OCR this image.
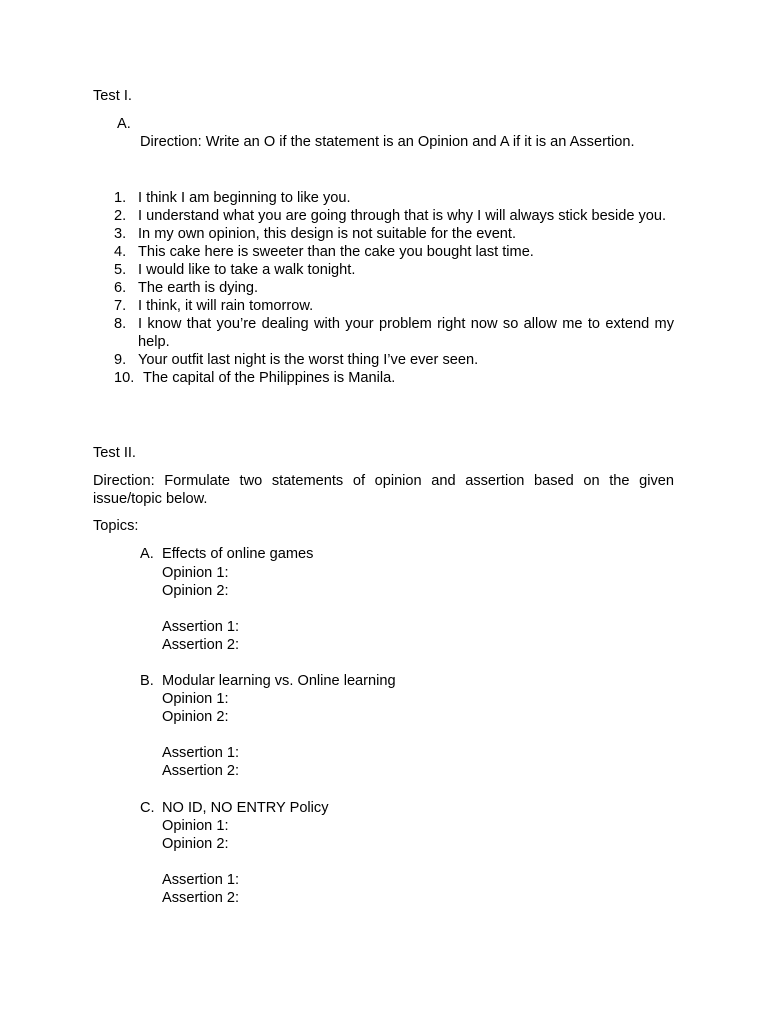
Test I.
A.
Direction: Write an O if the statement is an Opinion and A if it is an Assertion.
1. I think I am beginning to like you.
2. I understand what you are going through that is why I will always stick beside you.
3. In my own opinion, this design is not suitable for the event.
4. This cake here is sweeter than the cake you bought last time.
5. I would like to take a walk tonight.
6. The earth is dying.
7. I think, it will rain tomorrow.
8. I know that you’re dealing with your problem right now so allow me to extend my help.
9. Your outfit last night is the worst thing I’ve ever seen.
10. The capital of the Philippines is Manila.
Test II.
Direction: Formulate two statements of opinion and assertion based on the given
issue/topic below.
Topics:
A. Effects of online games
Opinion 1:
Opinion 2:
Assertion 1:
Assertion 2:
B. Modular learning vs. Online learning
Opinion 1:
Opinion 2:
Assertion 1:
Assertion 2:
C. NO ID, NO ENTRY Policy
Opinion 1:
Opinion 2:
Assertion 1:
Assertion 2:
